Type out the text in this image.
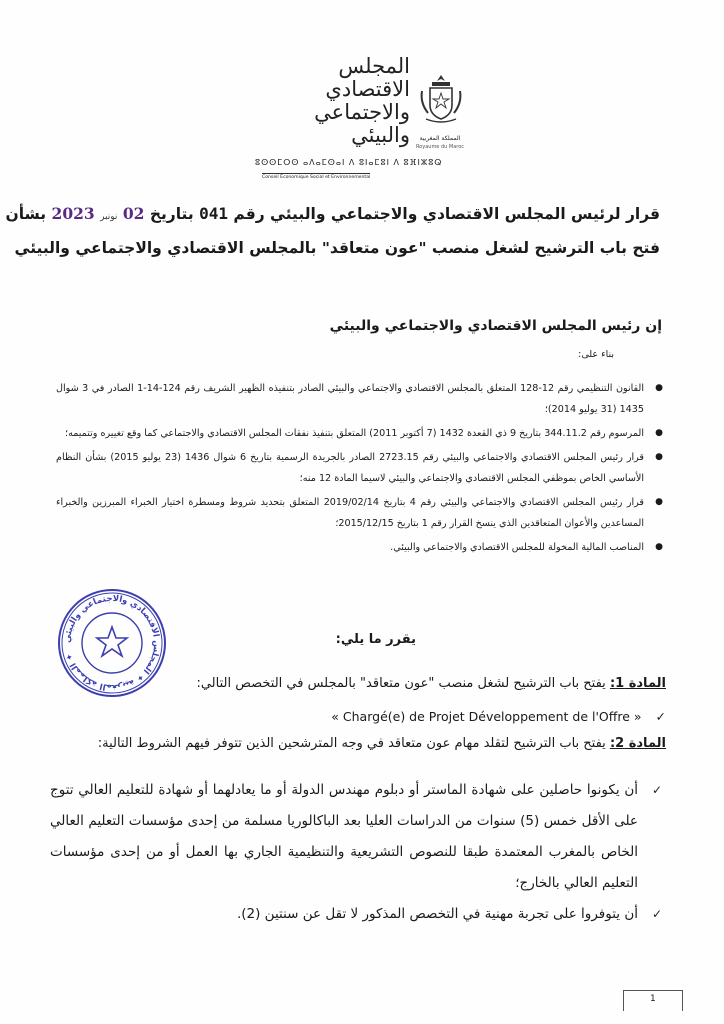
المملكة المغربية
Royaume du Maroc
المجلس
الاقتصادي
والاجتماعي
والبيئي
ⵓⵙⵙⵎⵔⵙ ⴰⴷⴰⵎⵙⴰⵏ ⴷ ⵓⵏⴰⵎⵓⵏ ⴷ ⵓⴼⵏⵣⵓⵕ
Conseil Économique Social et Environnemental
قرار لرئيس المجلس الاقتصادي والاجتماعي والبيئي رقم 041 بتاريخ 02 نونبر 2023 بشأن
فتح باب الترشيح لشغل منصب "عون متعاقد" بالمجلس الاقتصادي والاجتماعي والبيئي
إن رئيس المجلس الاقتصادي والاجتماعي والبيئي
بناء على:
●
القانون التنظيمي رقم 12-128 المتعلق بالمجلس الاقتصادي والاجتماعي والبيئي الصادر بتنفيذه الظهير الشريف رقم 124-14-1 الصادر في 3 شوال 1435 (31 يوليو 2014)؛
●
المرسوم رقم 344.11.2 بتاريخ 9 ذي القعدة 1432 (7 أكتوبر 2011) المتعلق بتنفيذ نفقات المجلس الاقتصادي والاجتماعي كما وقع تغييره وتتميمه؛
●
قرار رئيس المجلس الاقتصادي والاجتماعي والبيئي رقم 2723.15 الصادر بالجريدة الرسمية بتاريخ 6 شوال 1436 (23 يوليو 2015) بشأن النظام الأساسي الخاص بموظفي المجلس الاقتصادي والاجتماعي والبيئي لاسيما المادة 12 منه؛
●
قرار رئيس المجلس الاقتصادي والاجتماعي والبيئي رقم 4 بتاريخ 2019/02/14 المتعلق بتحديد شروط ومسطرة اختيار الخبراء المبرزين والخبراء المساعدين والأعوان المتعاقدين الذي ينسخ القرار رقم 1 بتاريخ 2015/12/15؛
●
المناصب المالية المخولة للمجلس الاقتصادي والاجتماعي والبيئي.
المملكة المغربية ✦ المجلس الاقتصادي والاجتماعي والبيئي ✦
يقرر ما يلي:
المادة 1: يفتح باب الترشيح لشغل منصب "عون متعاقد" بالمجلس في التخصص التالي:
✓ « Chargé(e) de Projet Développement de l'Offre »
المادة 2: يفتح باب الترشيح لتقلد مهام عون متعاقد في وجه المترشحين الذين تتوفر فيهم الشروط التالية:
✓
أن يكونوا حاصلين على شهادة الماستر أو دبلوم مهندس الدولة أو ما يعادلهما أو شهادة للتعليم العالي تتوج على الأقل خمس (5) سنوات من الدراسات العليا بعد الباكالوريا مسلمة من إحدى مؤسسات التعليم العالي الخاص بالمغرب المعتمدة طبقا للنصوص التشريعية والتنظيمية الجاري بها العمل أو من إحدى مؤسسات التعليم العالي بالخارج؛
✓
أن يتوفروا على تجربة مهنية في التخصص المذكور لا تقل عن سنتين (2).
1
